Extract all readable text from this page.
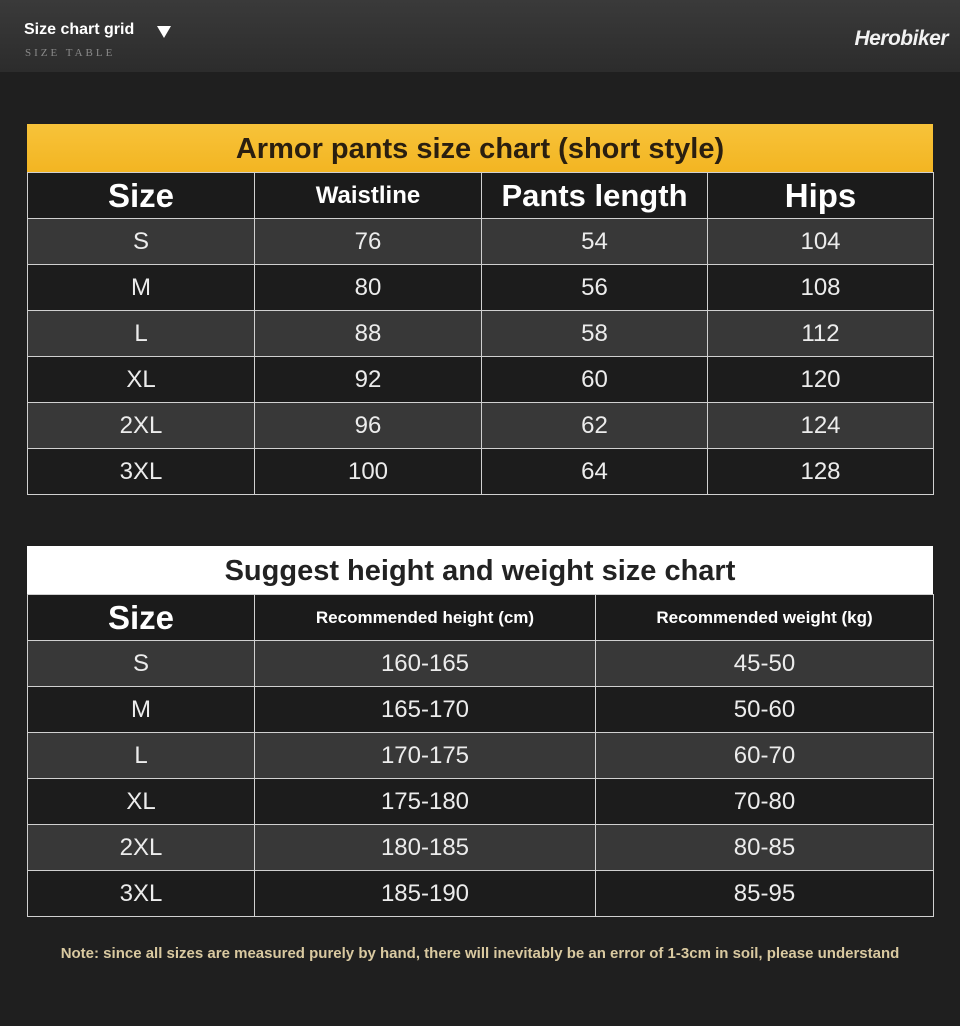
Size chart grid
SIZE TABLE
Herobiker
Armor pants size chart (short style)
Size	Waistline	Pants length	Hips
S	76	54	104
M	80	56	108
L	88	58	112
XL	92	60	120
2XL	96	62	124
3XL	100	64	128
Suggest height and weight size chart
Size	Recommended height (cm)	Recommended weight (kg)
S	160-165	45-50
M	165-170	50-60
L	170-175	60-70
XL	175-180	70-80
2XL	180-185	80-85
3XL	185-190	85-95
Note: since all sizes are measured purely by hand, there will inevitably be an error of 1-3cm in soil, please understand
